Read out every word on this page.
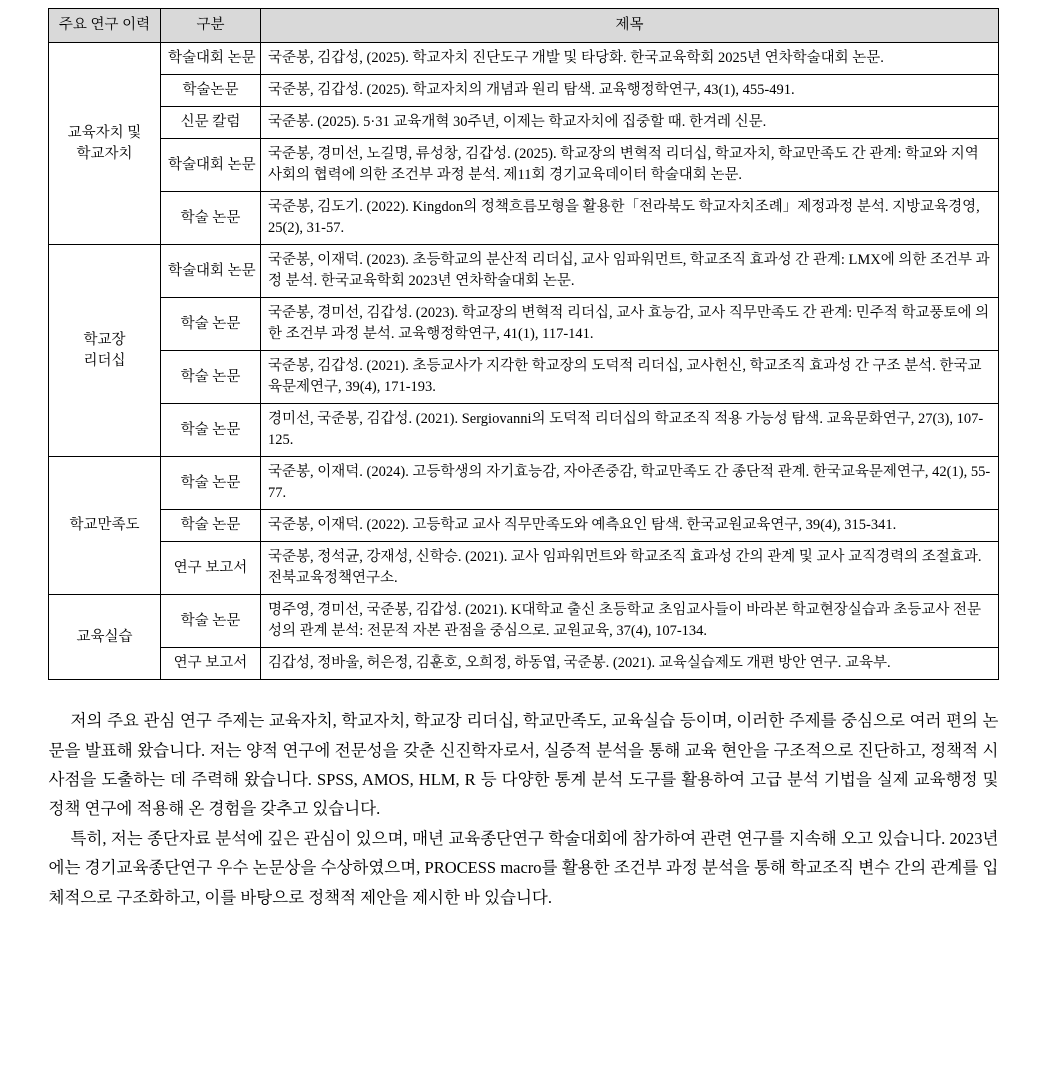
주요 연구 이력	구분	제목
교육자치 및
학교자치	학술대회 논문	국준봉, 김갑성, (2025). 학교자치 진단도구 개발 및 타당화. 한국교육학회 2025년 연차학술대회 논문.
	학술논문	국준봉, 김갑성. (2025). 학교자치의 개념과 원리 탐색. 교육행정학연구, 43(1), 455-491.
	신문 칼럼	국준봉. (2025). 5·31 교육개혁 30주년, 이제는 학교자치에 집중할 때. 한겨레 신문.
	학술대회 논문	국준봉, 경미선, 노길명, 류성창, 김갑성. (2025). 학교장의 변혁적 리더십, 학교자치, 학교만족도 간 관계: 학교와 지역사회의 협력에 의한 조건부 과정 분석. 제11회 경기교육데이터 학술대회 논문.
	학술 논문	국준봉, 김도기. (2022). Kingdon의 정책흐름모형을 활용한「전라북도 학교자치조례」제정과정 분석. 지방교육경영, 25(2), 31-57.
학교장
리더십	학술대회 논문	국준봉, 이재덕. (2023). 초등학교의 분산적 리더십, 교사 임파워먼트, 학교조직 효과성 간 관계: LMX에 의한 조건부 과정 분석. 한국교육학회 2023년 연차학술대회 논문.
	학술 논문	국준봉, 경미선, 김갑성. (2023). 학교장의 변혁적 리더십, 교사 효능감, 교사 직무만족도 간 관계: 민주적 학교풍토에 의한 조건부 과정 분석. 교육행정학연구, 41(1), 117-141.
	학술 논문	국준봉, 김갑성. (2021). 초등교사가 지각한 학교장의 도덕적 리더십, 교사헌신, 학교조직 효과성 간 구조 분석. 한국교육문제연구, 39(4), 171-193.
	학술 논문	경미선, 국준봉, 김갑성. (2021). Sergiovanni의 도덕적 리더십의 학교조직 적용 가능성 탐색. 교육문화연구, 27(3), 107-125.
학교만족도	학술 논문	국준봉, 이재덕. (2024). 고등학생의 자기효능감, 자아존중감, 학교만족도 간 종단적 관계. 한국교육문제연구, 42(1), 55-77.
	학술 논문	국준봉, 이재덕. (2022). 고등학교 교사 직무만족도와 예측요인 탐색. 한국교원교육연구, 39(4), 315-341.
	연구 보고서	국준봉, 정석균, 강재성, 신학승. (2021). 교사 임파워먼트와 학교조직 효과성 간의 관계 및 교사 교직경력의 조절효과. 전북교육정책연구소.
교육실습	학술 논문	명주영, 경미선, 국준봉, 김갑성. (2021). K대학교 출신 초등학교 초임교사들이 바라본 학교현장실습과 초등교사 전문성의 관계 분석: 전문적 자본 관점을 중심으로. 교원교육, 37(4), 107-134.
	연구 보고서	김갑성, 정바울, 허은정, 김훈호, 오희정, 하동엽, 국준봉. (2021). 교육실습제도 개편 방안 연구. 교육부.

저의 주요 관심 연구 주제는 교육자치, 학교자치, 학교장 리더십, 학교만족도, 교육실습 등이며, 이러한 주제를 중심으로 여러 편의 논문을 발표해 왔습니다. 저는 양적 연구에 전문성을 갖춘 신진학자로서, 실증적 분석을 통해 교육 현안을 구조적으로 진단하고, 정책적 시사점을 도출하는 데 주력해 왔습니다. SPSS, AMOS, HLM, R 등 다양한 통계 분석 도구를 활용하여 고급 분석 기법을 실제 교육행정 및 정책 연구에 적용해 온 경험을 갖추고 있습니다.

특히, 저는 종단자료 분석에 깊은 관심이 있으며, 매년 교육종단연구 학술대회에 참가하여 관련 연구를 지속해 오고 있습니다. 2023년에는 경기교육종단연구 우수 논문상을 수상하였으며, PROCESS macro를 활용한 조건부 과정 분석을 통해 학교조직 변수 간의 관계를 입체적으로 구조화하고, 이를 바탕으로 정책적 제안을 제시한 바 있습니다.
